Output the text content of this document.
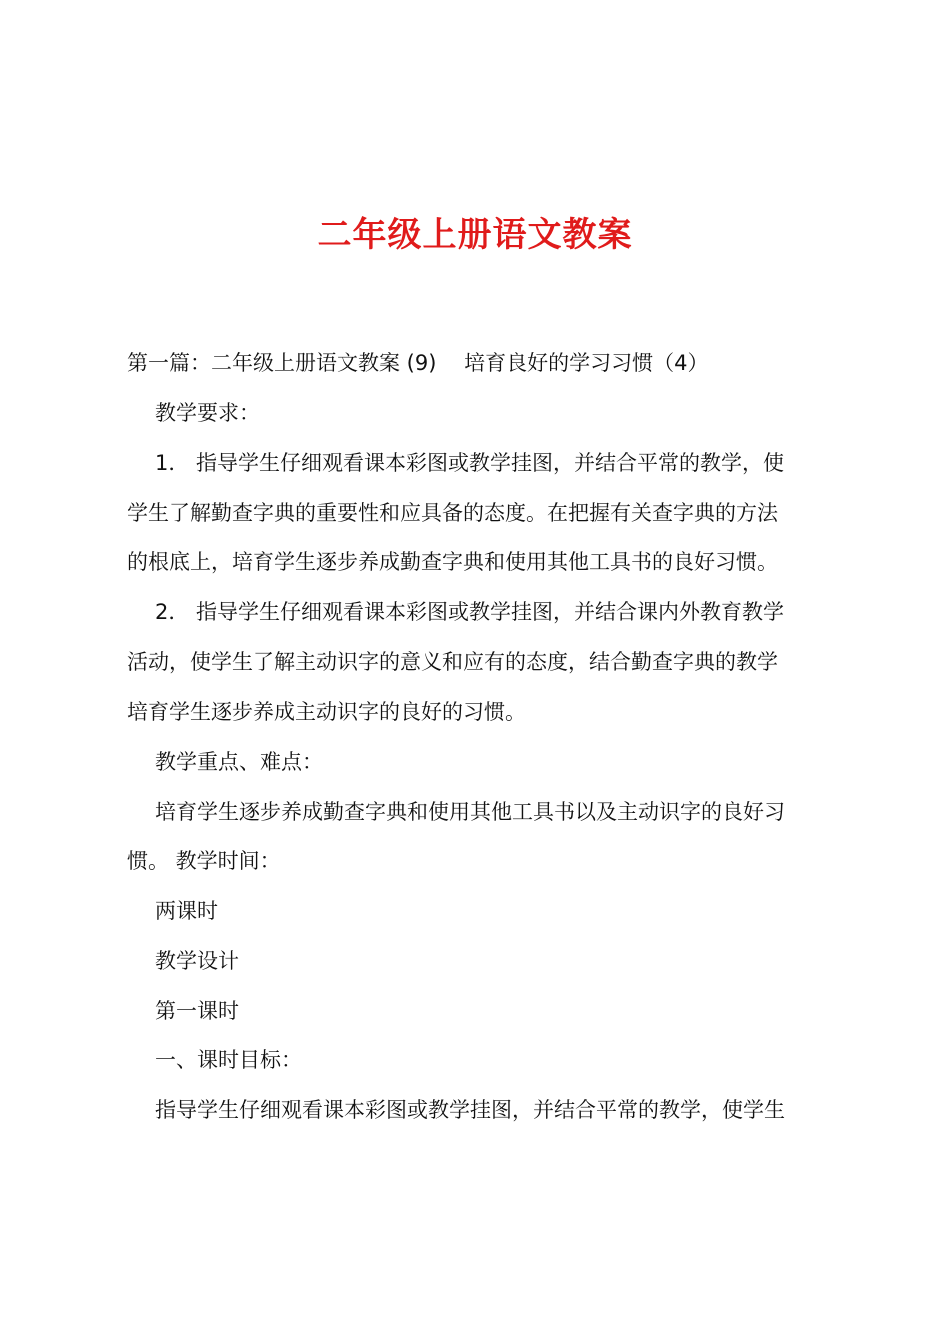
二年级上册语文教案
第一篇：二年级上册语文教案 (9)　 培育良好的学习习惯（4）
教学要求：
1． 指导学生仔细观看课本彩图或教学挂图，并结合平常的教学，使
学生了解勤查字典的重要性和应具备的态度。在把握有关查字典的方法
的根底上，培育学生逐步养成勤查字典和使用其他工具书的良好习惯。
2． 指导学生仔细观看课本彩图或教学挂图，并结合课内外教育教学
活动，使学生了解主动识字的意义和应有的态度，结合勤查字典的教学
培育学生逐步养成主动识字的良好的习惯。
教学重点、难点：
培育学生逐步养成勤查字典和使用其他工具书以及主动识字的良好习
惯。 教学时间：
两课时
教学设计
第一课时
一、课时目标：
指导学生仔细观看课本彩图或教学挂图，并结合平常的教学，使学生
